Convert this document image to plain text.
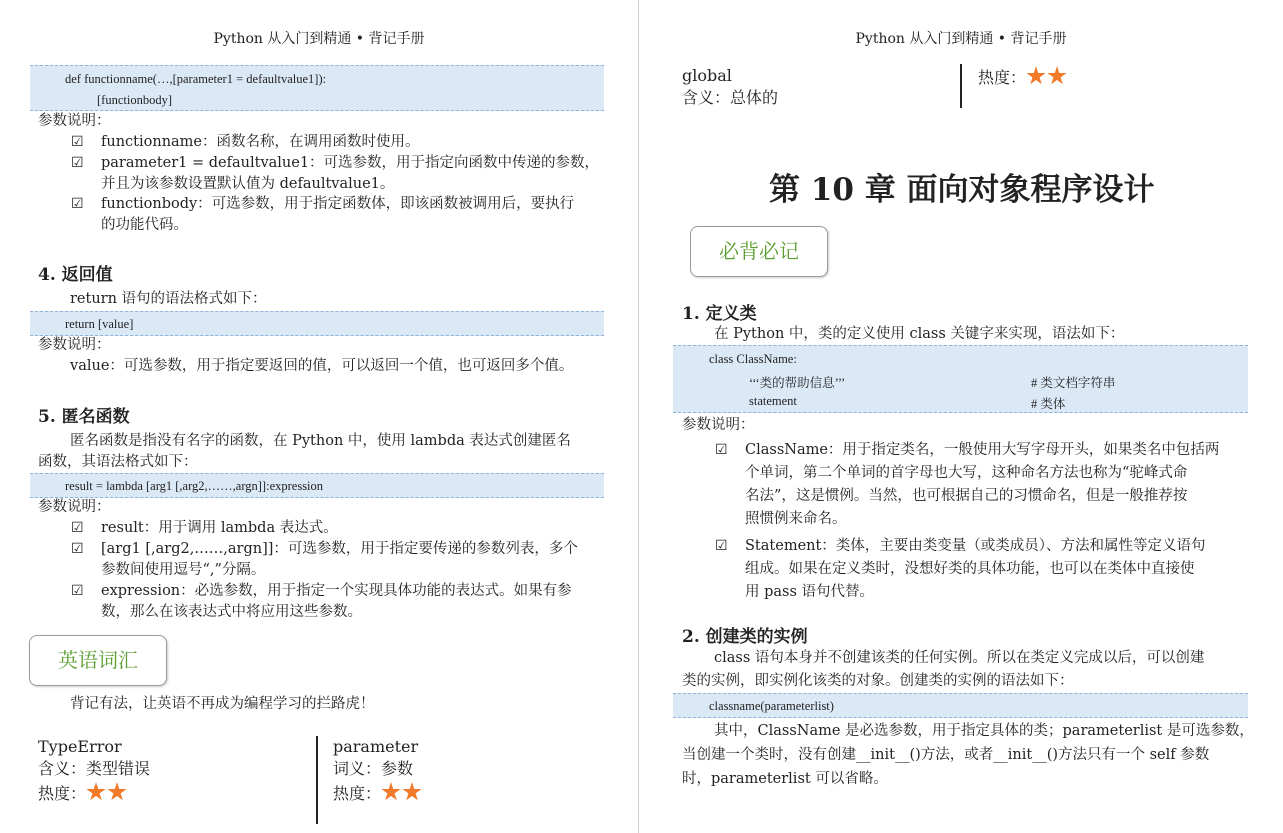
Python 从入门到精通 • 背记手册
def functionname(…,[parameter1 = defaultvalue1]):
[functionbody]
参数说明：
☑ functionname：函数名称，在调用函数时使用。
☑ parameter1 = defaultvalue1：可选参数，用于指定向函数中传递的参数，
并且为该参数设置默认值为 defaultvalue1。
☑ functionbody：可选参数，用于指定函数体，即该函数被调用后，要执行
的功能代码。
4. 返回值
return 语句的语法格式如下：
return [value]
参数说明：
value：可选参数，用于指定要返回的值，可以返回一个值，也可返回多个值。
5. 匿名函数
匿名函数是指没有名字的函数，在 Python 中，使用 lambda 表达式创建匿名
函数，其语法格式如下：
result = lambda [arg1 [,arg2,……,argn]]:expression
参数说明：
☑ result：用于调用 lambda 表达式。
☑ [arg1 [,arg2,……,argn]]：可选参数，用于指定要传递的参数列表，多个
参数间使用逗号“,”分隔。
☑ expression：必选参数，用于指定一个实现具体功能的表达式。如果有参
数，那么在该表达式中将应用这些参数。
英语词汇
背记有法，让英语不再成为编程学习的拦路虎！
TypeError
含义：类型错误
热度：
parameter
词义：参数
热度：
Python 从入门到精通 • 背记手册
global
含义：总体的
热度：
第 10 章 面向对象程序设计
必背必记
1. 定义类
在 Python 中，类的定义使用 class 关键字来实现，语法如下：
class ClassName:
‘‘‘类的帮助信息’’’	# 类文档字符串
statement	# 类体
参数说明：
☑ ClassName：用于指定类名，一般使用大写字母开头，如果类名中包括两
个单词，第二个单词的首字母也大写，这种命名方法也称为“驼峰式命
名法”，这是惯例。当然，也可根据自己的习惯命名，但是一般推荐按
照惯例来命名。
☑ Statement：类体，主要由类变量（或类成员）、方法和属性等定义语句
组成。如果在定义类时，没想好类的具体功能，也可以在类体中直接使
用 pass 语句代替。
2. 创建类的实例
class 语句本身并不创建该类的任何实例。所以在类定义完成以后，可以创建
类的实例，即实例化该类的对象。创建类的实例的语法如下：
classname(parameterlist)
其中，ClassName 是必选参数，用于指定具体的类；parameterlist 是可选参数，
当创建一个类时，没有创建__init__()方法，或者__init__()方法只有一个 self 参数
时，parameterlist 可以省略。
